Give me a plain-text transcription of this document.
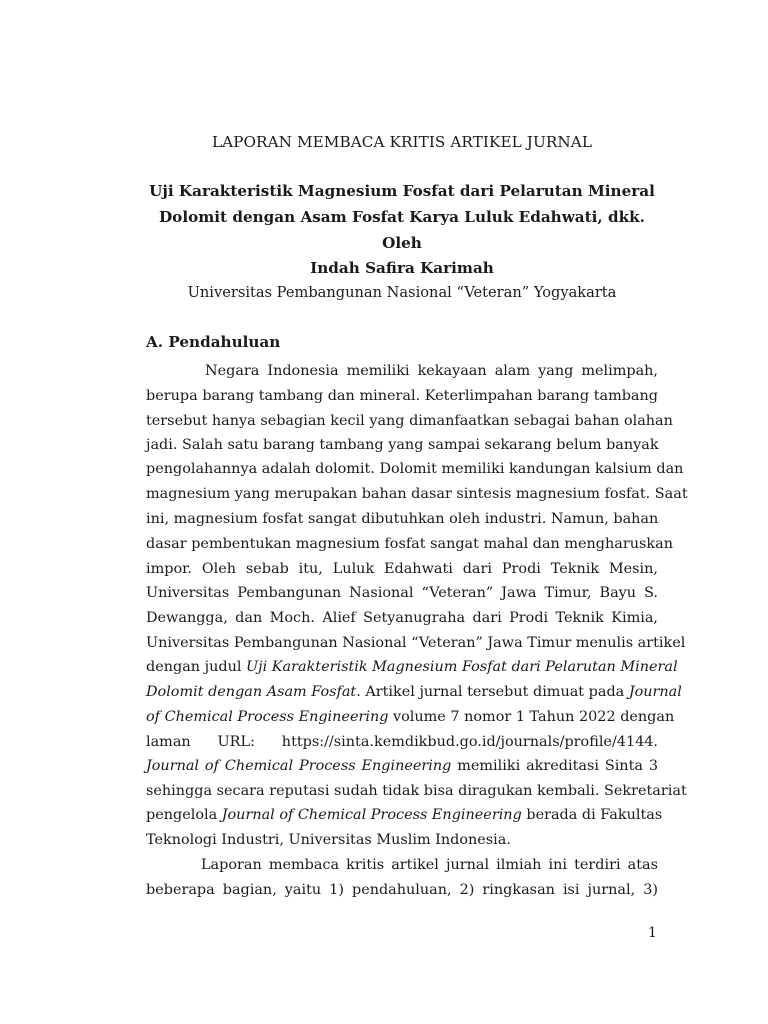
LAPORAN MEMBACA KRITIS ARTIKEL JURNAL
Uji Karakteristik Magnesium Fosfat dari Pelarutan Mineral
Dolomit dengan Asam Fosfat Karya Luluk Edahwati, dkk.
Oleh
Indah Safira Karimah
Universitas Pembangunan Nasional “Veteran” Yogyakarta
A. Pendahuluan
Negara Indonesia memiliki kekayaan alam yang melimpah,
berupa barang tambang dan mineral. Keterlimpahan barang tambang
tersebut hanya sebagian kecil yang dimanfaatkan sebagai bahan olahan
jadi. Salah satu barang tambang yang sampai sekarang belum banyak
pengolahannya adalah dolomit. Dolomit memiliki kandungan kalsium dan
magnesium yang merupakan bahan dasar sintesis magnesium fosfat. Saat
ini, magnesium fosfat sangat dibutuhkan oleh industri. Namun, bahan
dasar pembentukan magnesium fosfat sangat mahal dan mengharuskan
impor. Oleh sebab itu, Luluk Edahwati dari Prodi Teknik Mesin,
Universitas Pembangunan Nasional “Veteran” Jawa Timur, Bayu S.
Dewangga, dan Moch. Alief Setyanugraha dari Prodi Teknik Kimia,
Universitas Pembangunan Nasional “Veteran” Jawa Timur menulis artikel
dengan judul Uji Karakteristik Magnesium Fosfat dari Pelarutan Mineral
Dolomit dengan Asam Fosfat. Artikel jurnal tersebut dimuat pada Journal
of Chemical Process Engineering volume 7 nomor 1 Tahun 2022 dengan
laman URL: https://sinta.kemdikbud.go.id/journals/profile/4144.
Journal of Chemical Process Engineering memiliki akreditasi Sinta 3
sehingga secara reputasi sudah tidak bisa diragukan kembali. Sekretariat
pengelola Journal of Chemical Process Engineering berada di Fakultas
Teknologi Industri, Universitas Muslim Indonesia.
Laporan membaca kritis artikel jurnal ilmiah ini terdiri atas
beberapa bagian, yaitu 1) pendahuluan, 2) ringkasan isi jurnal, 3)
1
